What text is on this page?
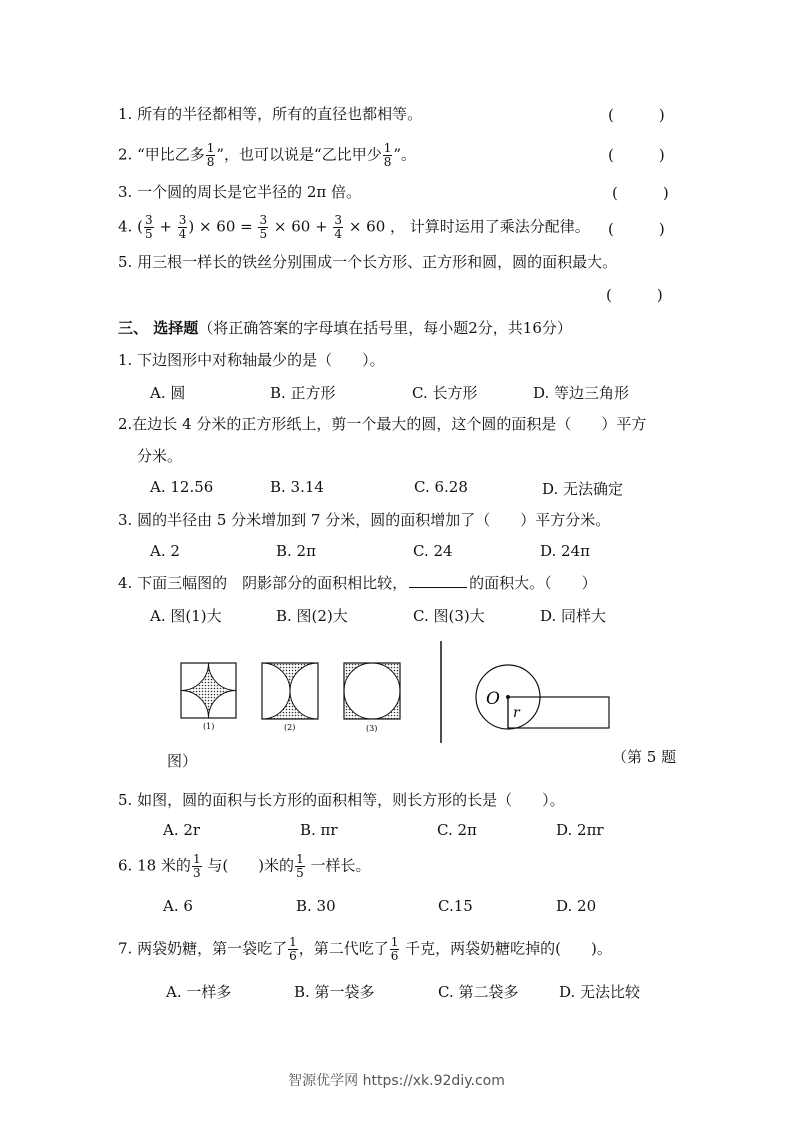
1. 所有的半径都相等，所有的直径也都相等。	(　　　)
2. “甲比乙多 $\frac{1}{8}$ ”，也可以说是“乙比甲少 $\frac{1}{8}$ ”。	(　　　)
3. 一个圆的周长是它半径的 2π 倍。	(　　　)
4. ( $\frac{3}{5} + \frac{3}{4}$ ) × $60 = \frac{3}{5} \times 60 + \frac{3}{4} \times 60$ ， 计算时运用了乘法分配律。 (　　　)
5. 用三根一样长的铁丝分别围成一个长方形、正方形和圆，圆的面积最大。
(　　　)
三、 选择题（将正确答案的字母填在括号里，每小题2分，共16分）
1. 下边图形中对称轴最少的是（　　）。
A. 圆	B. 正方形	C. 长方形	D. 等边三角形
2.在边长 4 分米的正方形纸上，剪一个最大的圆，这个圆的面积是（　　）平方
分米。
A. 12.56	B. 3.14	C. 6.28	D. 无法确定
3. 圆的半径由 5 分米增加到 7 分米，圆的面积增加了（　　）平方分米。
A. 2	B. 2π	C. 24	D. 24π
4. 下面三幅图的　阴影部分的面积相比较，	的面积大。（　　）
A. 图(1)大	B. 图(2)大	C. 图(3)大	D. 同样大
(1)	(2)	(3)
O
r
（第 5 题
图）
5. 如图，圆的面积与长方形的面积相等，则长方形的长是（　　）。
A. 2r	B. πr	C. 2π	D. 2πr
6. 18 米的 $\frac{1}{3}$ 与(　　)米的 $\frac{1}{5}$ 一样长。
A. 6	B. 30	C.15	D. 20
7. 两袋奶糖，第一袋吃了 $\frac{1}{6}$ ，第二代吃了 $\frac{1}{6}$ 千克，两袋奶糖吃掉的(　　)。
A. 一样多	B. 第一袋多	C. 第二袋多	D. 无法比较
智源优学网 https://xk.92diy.com
